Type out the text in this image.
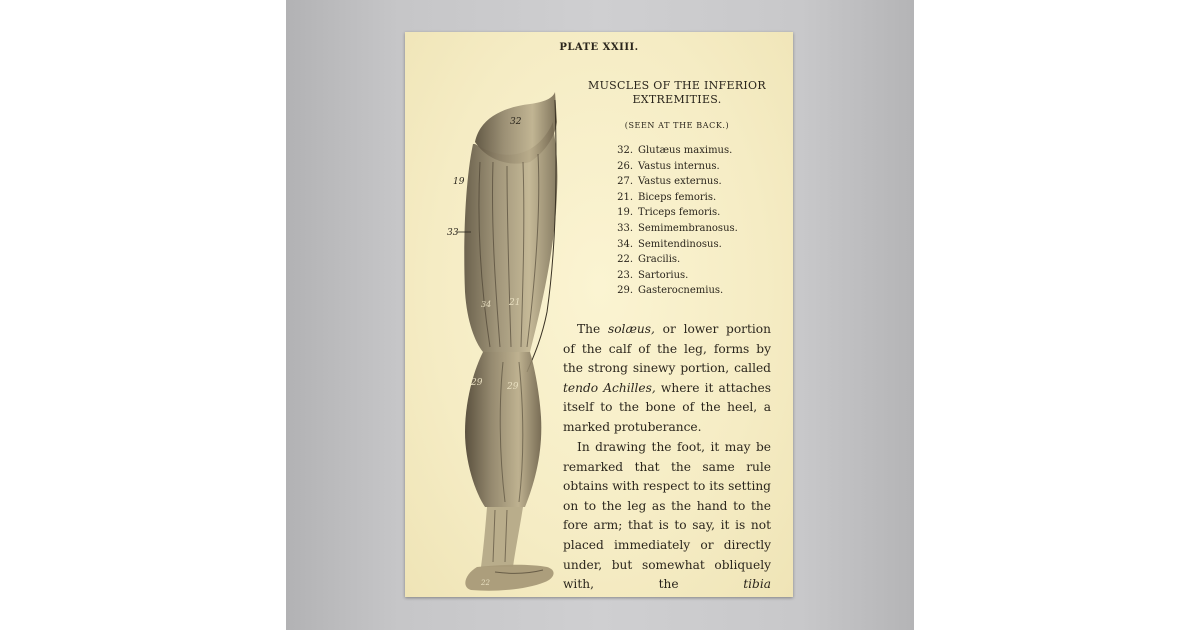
PLATE XXIII.
32
19
33
34 21
29	29
22
MUSCLES OF THE INFERIOR
EXTREMITIES.
(SEEN AT THE BACK.)
32. Glutæus maximus.
26. Vastus internus.
27. Vastus externus.
21. Biceps femoris.
19. Triceps femoris.
33. Semimembranosus.
34. Semitendinosus.
22. Gracilis.
23. Sartorius.
29. Gasterocnemius.

The solæus, or lower portion of the calf of the leg, forms by the strong sinewy portion, called tendo Achilles, where it attaches itself to the bone of the heel, a marked protuberance.

In drawing the foot, it may be remarked that the same rule obtains with respect to its setting on to the leg as the hand to the fore arm; that is to say, it is not placed immediately or directly under, but somewhat obliquely with, the tibia
